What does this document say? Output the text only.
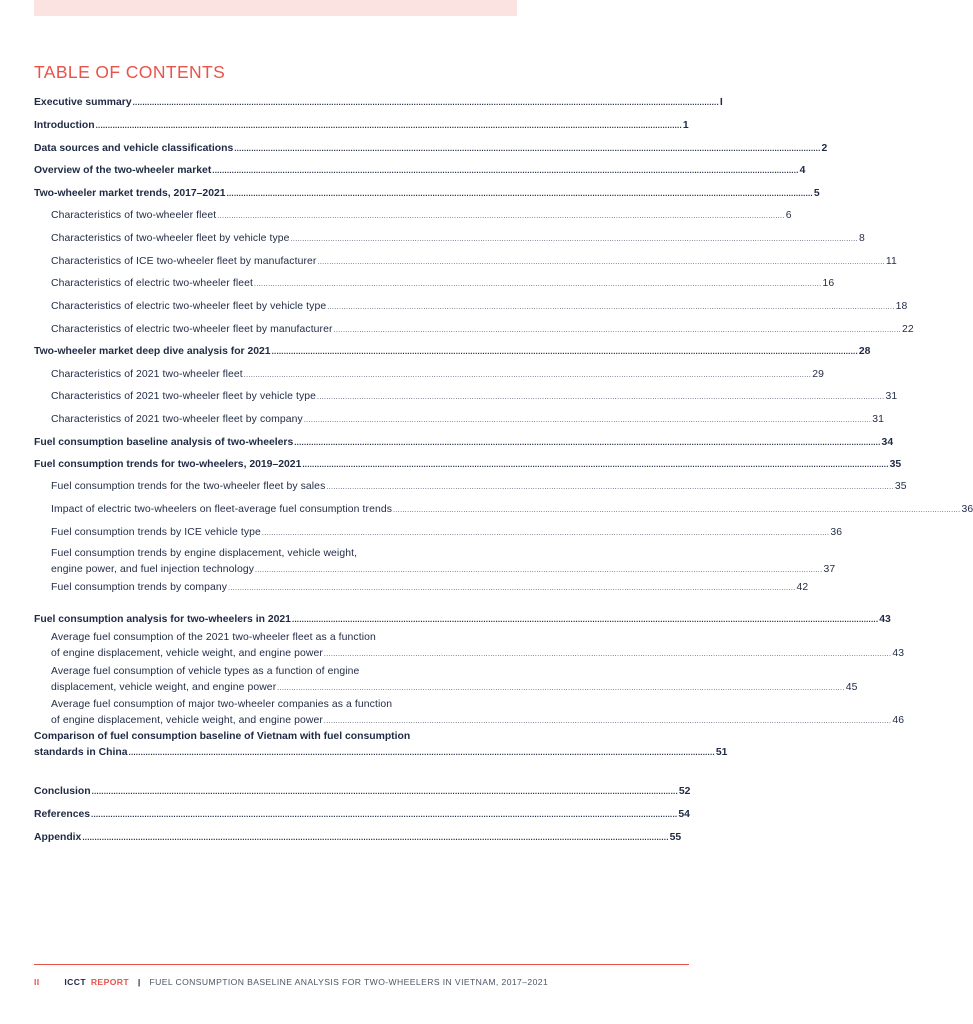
TABLE OF CONTENTS
Executive summary .....	I
Introduction .....	1
Data sources and vehicle classifications .....	2
Overview of the two-wheeler market .....	4
Two-wheeler market trends, 2017–2021 .....	5
Characteristics of two-wheeler fleet .....	6
Characteristics of two-wheeler fleet by vehicle type .....	8
Characteristics of ICE two-wheeler fleet by manufacturer .....	11
Characteristics of electric two-wheeler fleet .....	16
Characteristics of electric two-wheeler fleet by vehicle type .....	18
Characteristics of electric two-wheeler fleet by manufacturer .....	22
Two-wheeler market deep dive analysis for 2021 .....	28
Characteristics of 2021 two-wheeler fleet .....	29
Characteristics of 2021 two-wheeler fleet by vehicle type .....	31
Characteristics of 2021 two-wheeler fleet by company .....	31
Fuel consumption baseline analysis of two-wheelers .....	34
Fuel consumption trends for two-wheelers, 2019–2021 .....	35
Fuel consumption trends for the two-wheeler fleet by sales .....	35
Impact of electric two-wheelers on fleet-average fuel consumption trends .....	36
Fuel consumption trends by ICE vehicle type .....	36
Fuel consumption trends by engine displacement, vehicle weight,
engine power, and fuel injection technology .....	37
Fuel consumption trends by company .....	42
Fuel consumption analysis for two-wheelers in 2021 .....	43
Average fuel consumption of the 2021 two-wheeler fleet as a function
of engine displacement, vehicle weight, and engine power .....	43
Average fuel consumption of vehicle types as a function of engine
displacement, vehicle weight, and engine power .....	45
Average fuel consumption of major two-wheeler companies as a function
of engine displacement, vehicle weight, and engine power .....	46
Comparison of fuel consumption baseline of Vietnam with fuel consumption
standards in China .....	51
Conclusion .....	52
References .....	54
Appendix .....	55
II	ICCT REPORT | FUEL CONSUMPTION BASELINE ANALYSIS FOR TWO-WHEELERS IN VIETNAM, 2017–2021
